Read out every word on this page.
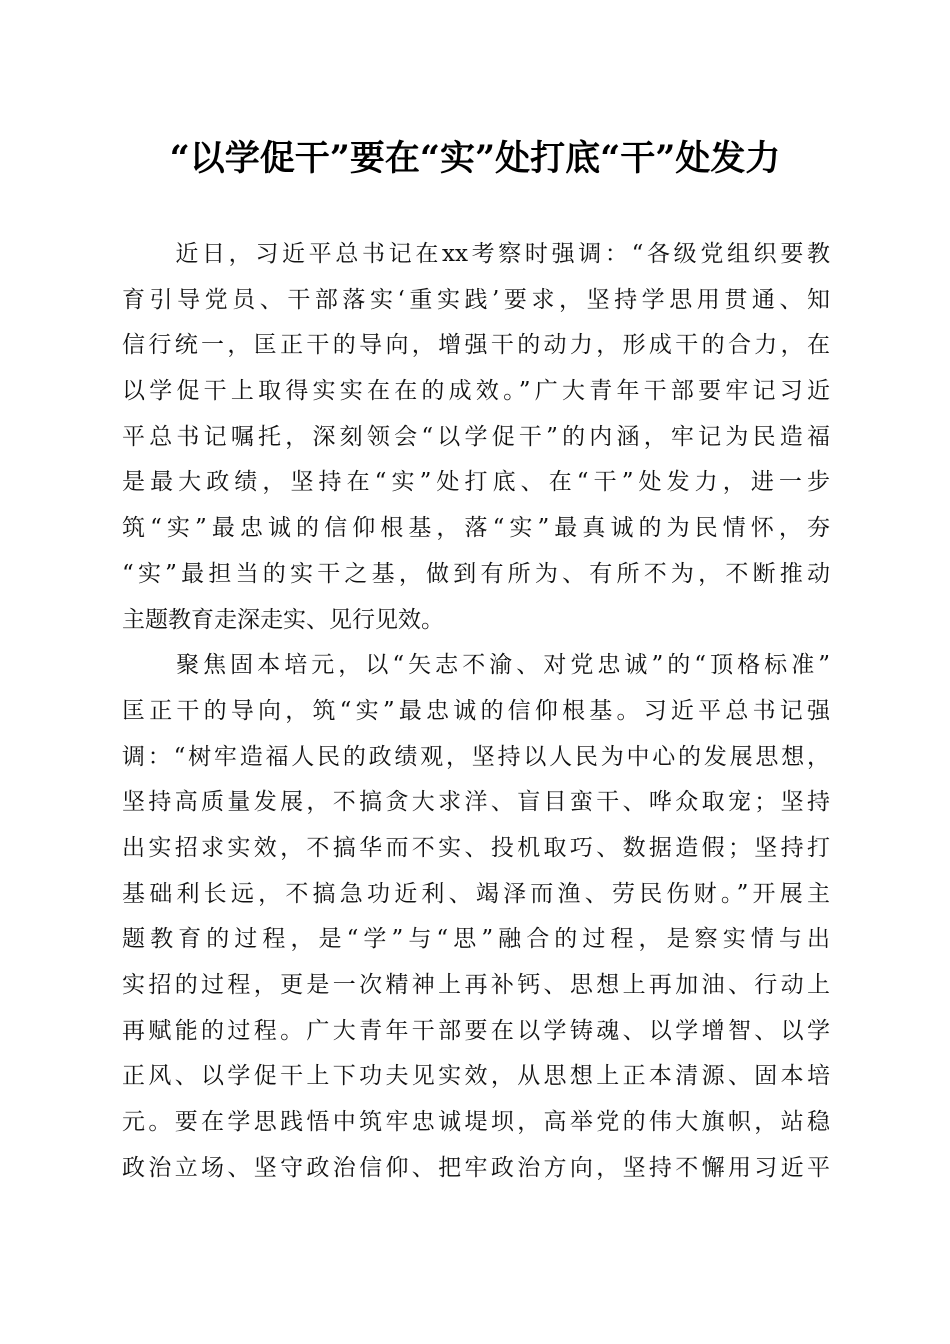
“以学促干”要在“实”处打底“干”处发力
　　近日，习近平总书记在xx考察时强调：“各级党组织要教
育引导党员、干部落实‘重实践’要求，坚持学思用贯通、知
信行统一，匡正干的导向，增强干的动力，形成干的合力，在
以学促干上取得实实在在的成效。”广大青年干部要牢记习近
平总书记嘱托，深刻领会“以学促干”的内涵，牢记为民造福
是最大政绩，坚持在“实”处打底、在“干”处发力，进一步
筑“实”最忠诚的信仰根基，落“实”最真诚的为民情怀，夯
“实”最担当的实干之基，做到有所为、有所不为，不断推动
主题教育走深走实、见行见效。
　　聚焦固本培元，以“矢志不渝、对党忠诚”的“顶格标准”
匡正干的导向，筑“实”最忠诚的信仰根基。习近平总书记强
调：“树牢造福人民的政绩观，坚持以人民为中心的发展思想，
坚持高质量发展，不搞贪大求洋、盲目蛮干、哗众取宠；坚持
出实招求实效，不搞华而不实、投机取巧、数据造假；坚持打
基础利长远，不搞急功近利、竭泽而渔、劳民伤财。”开展主
题教育的过程，是“学”与“思”融合的过程，是察实情与出
实招的过程，更是一次精神上再补钙、思想上再加油、行动上
再赋能的过程。广大青年干部要在以学铸魂、以学增智、以学
正风、以学促干上下功夫见实效，从思想上正本清源、固本培
元。要在学思践悟中筑牢忠诚堤坝，高举党的伟大旗帜，站稳
政治立场、坚守政治信仰、把牢政治方向，坚持不懈用习近平
